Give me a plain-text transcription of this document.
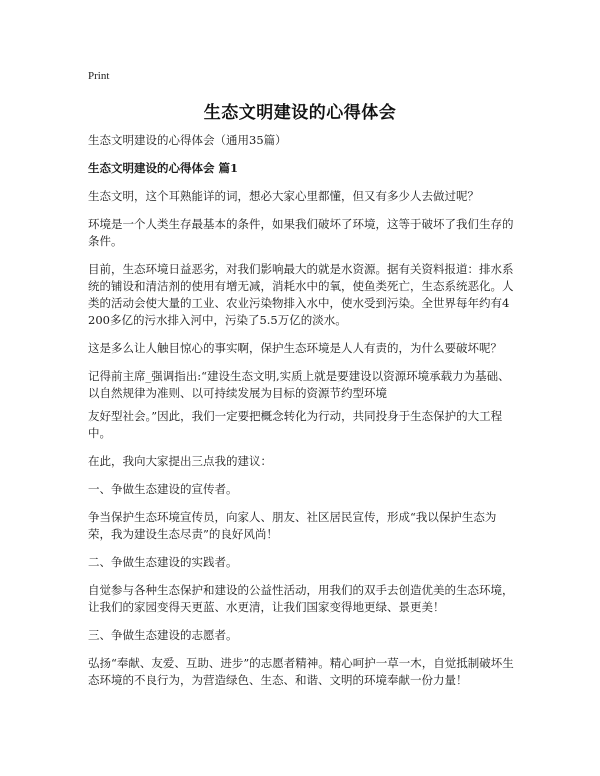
Print
生态文明建设的心得体会

生态文明建设的心得体会（通用35篇）

生态文明建设的心得体会 篇1

生态文明，这个耳熟能详的词，想必大家心里都懂，但又有多少人去做过呢？

环境是一个人类生存最基本的条件，如果我们破坏了环境，这等于破坏了我们生存的条件。

目前，生态环境日益恶劣，对我们影响最大的就是水资源。据有关资料报道：排水系统的铺设和清洁剂的使用有增无减，消耗水中的氧，使鱼类死亡，生态系统恶化。人类的活动会使大量的工业、农业污染物排入水中，使水受到污染。全世界每年约有4200多亿的污水排入河中，污染了5.5万亿的淡水。

这是多么让人触目惊心的事实啊，保护生态环境是人人有责的，为什么要破坏呢？

记得前主席_强调指出:“建设生态文明,实质上就是要建设以资源环境承载力为基础、以自然规律为准则、以可持续发展为目标的资源节约型环境

友好型社会。”因此，我们一定要把概念转化为行动，共同投身于生态保护的大工程中。

在此，我向大家提出三点我的建议：

一、争做生态建设的宣传者。

争当保护生态环境宣传员，向家人、朋友、社区居民宣传，形成“我以保护生态为荣，我为建设生态尽责”的良好风尚！

二、争做生态建设的实践者。

自觉参与各种生态保护和建设的公益性活动，用我们的双手去创造优美的生态环境，让我们的家园变得天更蓝、水更清，让我们国家变得地更绿、景更美！

三、争做生态建设的志愿者。

弘扬“奉献、友爱、互助、进步”的志愿者精神。精心呵护一草一木，自觉抵制破坏生态环境的不良行为，为营造绿色、生态、和谐、文明的环境奉献一份力量！
